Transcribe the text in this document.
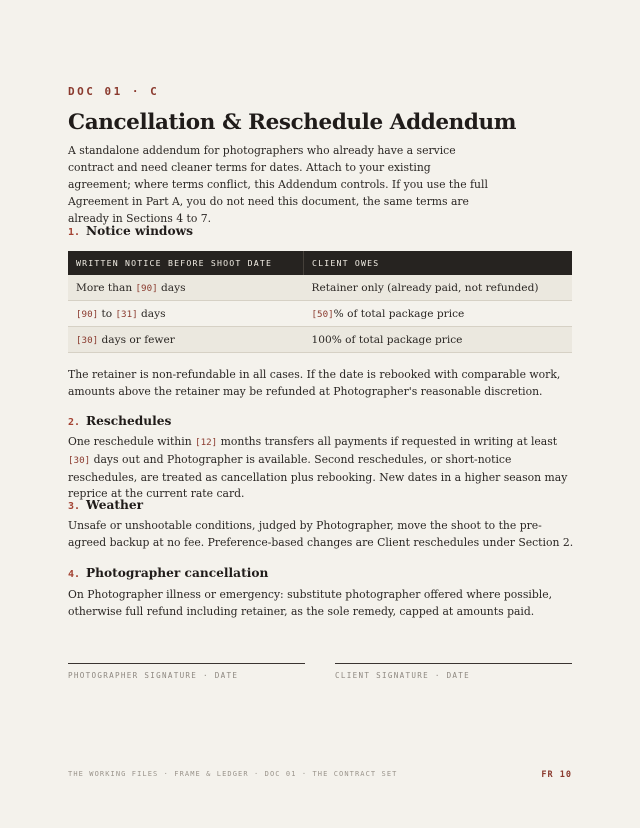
DOC 01 · C
Cancellation & Reschedule Addendum

A standalone addendum for photographers who already have a service contract and need cleaner terms for dates. Attach to your existing agreement; where terms conflict, this Addendum controls. If you use the full Agreement in Part A, you do not need this document, the same terms are already in Sections 4 to 7.

1. Notice windows
WRITTEN NOTICE BEFORE SHOOT DATE	CLIENT OWES
More than [90] days	Retainer only (already paid, not refunded)
[90] to [31] days	[50]% of total package price
[30] days or fewer	100% of total package price

The retainer is non-refundable in all cases. If the date is rebooked with comparable work, amounts above the retainer may be refunded at Photographer's reasonable discretion.

2. Reschedules

One reschedule within [12] months transfers all payments if requested in writing at least [30] days out and Photographer is available. Second reschedules, or short-notice reschedules, are treated as cancellation plus rebooking. New dates in a higher season may reprice at the current rate card.

3. Weather

Unsafe or unshootable conditions, judged by Photographer, move the shoot to the pre-agreed backup at no fee. Preference-based changes are Client reschedules under Section 2.

4. Photographer cancellation

On Photographer illness or emergency: substitute photographer offered where possible, otherwise full refund including retainer, as the sole remedy, capped at amounts paid.

PHOTOGRAPHER SIGNATURE · DATE	CLIENT SIGNATURE · DATE
THE WORKING FILES · FRAME & LEDGER · DOC 01 · THE CONTRACT SET	FR 10
